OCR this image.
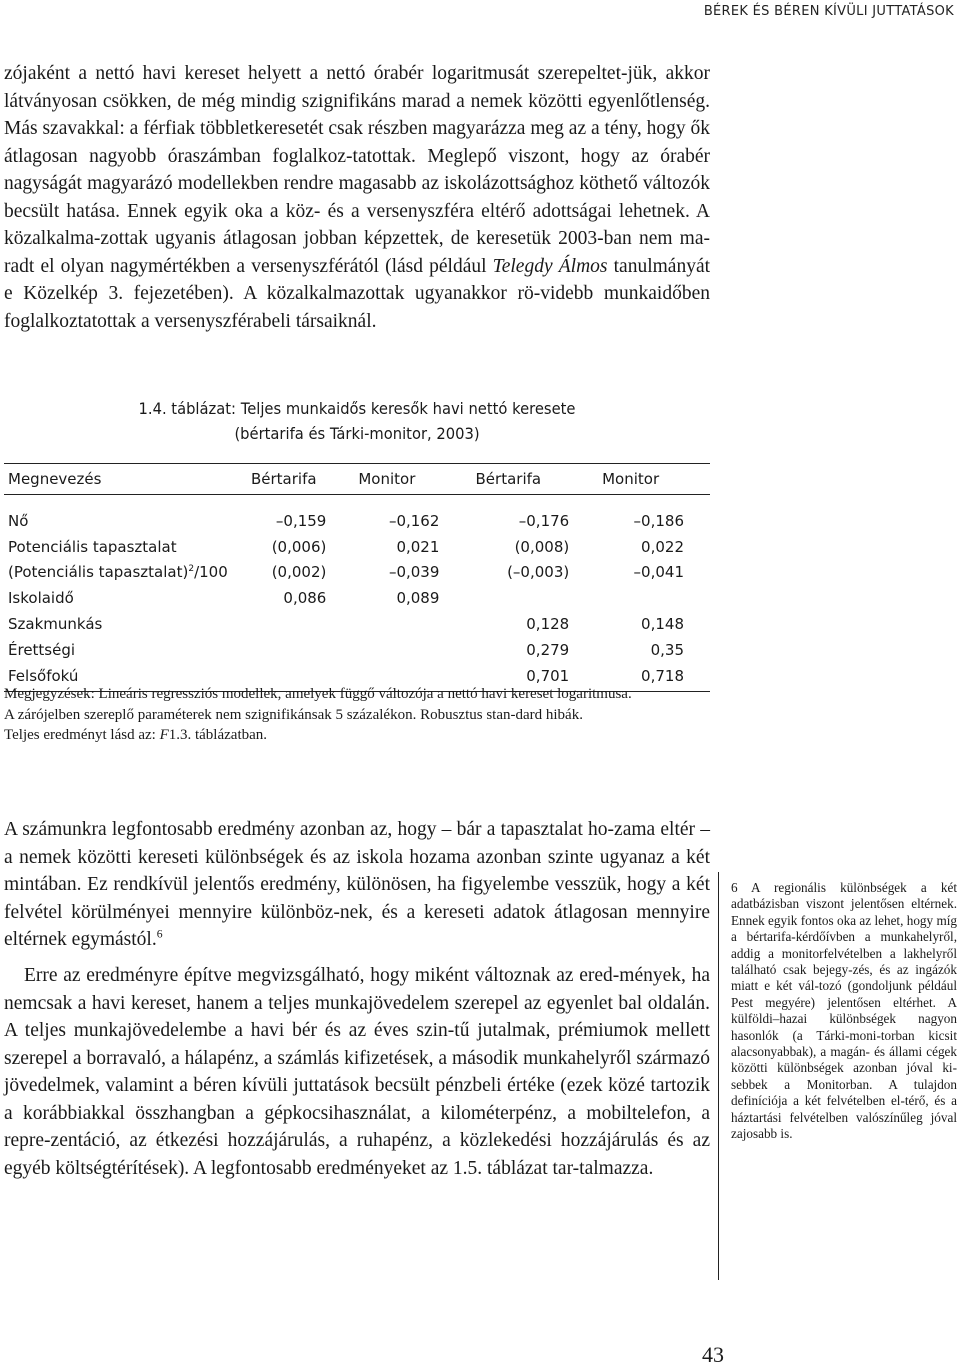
BÉREK ÉS BÉREN KÍVÜLI JUTTATÁSOK

zójaként a nettó havi kereset helyett a nettó órabér logaritmusát szerepeltet-jük, akkor látványosan csökken, de még mindig szignifikáns marad a nemek közötti egyenlőtlenség. Más szavakkal: a férfiak többletkeresetét csak részben magyarázza meg az a tény, hogy ők átlagosan nagyobb óraszámban foglalkoz-tatottak. Meglepő viszont, hogy az órabér nagyságát magyarázó modellekben rendre magasabb az iskolázottsághoz köthető változók becsült hatása. Ennek egyik oka a köz- és a versenyszféra eltérő adottságai lehetnek. A közalkalma-zottak ugyanis átlagosan jobban képzettek, de keresetük 2003-ban nem ma-radt el olyan nagymértékben a versenyszférától (lásd például Telegdy Álmos tanulmányát e Közelkép 3. fejezetében). A közalkalmazottak ugyanakkor rö-videbb munkaidőben foglalkoztatottak a versenyszférabeli társaiknál.

1.4. táblázat: Teljes munkaidős keresők havi nettó keresete
(bértarifa és Tárki-monitor, 2003)
Megnevezés	Bértarifa	Monitor	Bértarifa	Monitor	
Nő	–0,159	–0,162	–0,176	–0,186	
Potenciális tapasztalat	(0,006)	0,021	(0,008)	0,022	
(Potenciális tapasztalat)$^2$/100	(0,002)	–0,039	(–0,003)	–0,041	
Iskolaidő	0,086	0,089			
Szakmunkás			0,128	0,148	
Érettségi			0,279	0,35	
Felsőfokú			0,701	0,718	

Megjegyzések: Lineáris regressziós modellek, amelyek függő változója a nettó havi kereset logaritmusa.

A zárójelben szereplő paraméterek nem szignifikánsak 5 százalékon. Robusztus stan-dard hibák.

Teljes eredményt lásd az: F1.3. táblázatban.

A számunkra legfontosabb eredmény azonban az, hogy – bár a tapasztalat ho-zama eltér – a nemek közötti kereseti különbségek és az iskola hozama azonban szinte ugyanaz a két mintában. Ez rendkívül jelentős eredmény, különösen, ha figyelembe vesszük, hogy a két felvétel körülményei mennyire különböz-nek, és a kereseti adatok átlagosan mennyire eltérnek egymástól.$^6$

Erre az eredményre építve megvizsgálható, hogy miként változnak az ered-mények, ha nemcsak a havi kereset, hanem a teljes munkajövedelem szerepel az egyenlet bal oldalán. A teljes munkajövedelembe a havi bér és az éves szin-tű jutalmak, prémiumok mellett szerepel a borravaló, a hálapénz, a számlás kifizetések, a második munkahelyről származó jövedelmek, valamint a béren kívüli juttatások becsült pénzbeli értéke (ezek közé tartozik a korábbiakkal összhangban a gépkocsihasználat, a kilométerpénz, a mobiltelefon, a repre-zentáció, az étkezési hozzájárulás, a ruhapénz, a közlekedési hozzájárulás és az egyéb költségtérítések). A legfontosabb eredményeket az 1.5. táblázat tar-talmazza.

6 A regionális különbségek a két adatbázisban viszont jelentősen eltérnek. Ennek egyik fontos oka az lehet, hogy míg a bértarifa-kérdőívben a munkahelyről, addig a monitorfelvételben a lakhelyről található csak bejegy-zés, és az ingázók miatt e két vál-tozó (gondoljunk például Pest megyére) jelentősen eltérhet. A külföldi–hazai különbségek nagyon hasonlók (a Tárki-moni-torban kicsit alacsonyabbak), a magán- és állami cégek közötti különbségek azonban jóval ki-sebbek a Monitorban. A tulajdon definíciója a két felvételben el-térő, és a háztartási felvételben valószínűleg jóval zajosabb is.
43
